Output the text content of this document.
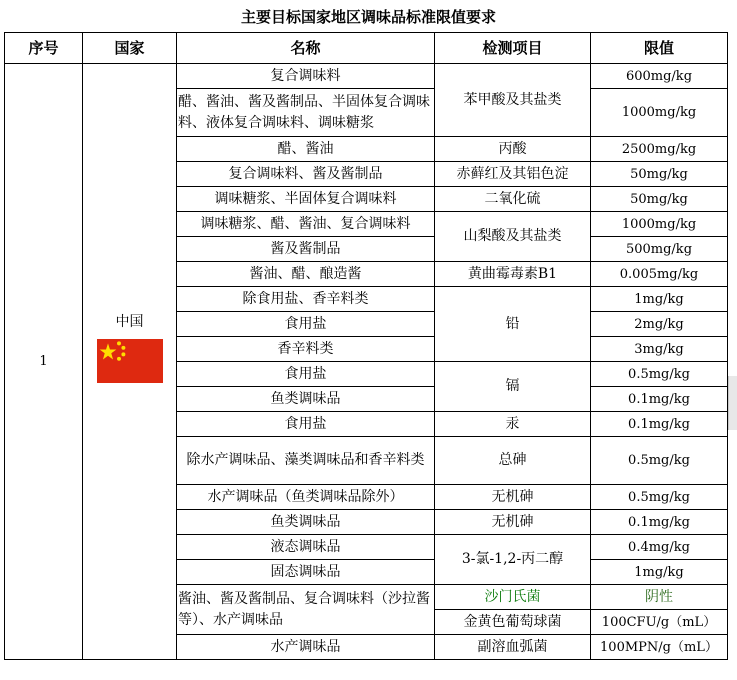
主要目标国家地区调味品标准限值要求
序号	国家	名称	检测项目	限值
1	中国	复合调味料	苯甲酸及其盐类	600mg/kg
		醋、酱油、酱及酱制品、半固体复合调味料、液体复合调味料、调味糖浆		1000mg/kg
		醋、酱油	丙酸	2500mg/kg
		复合调味料、酱及酱制品	赤藓红及其铝色淀	50mg/kg
		调味糖浆、半固体复合调味料	二氧化硫	50mg/kg
		调味糖浆、醋、酱油、复合调味料	山梨酸及其盐类	1000mg/kg
		酱及酱制品		500mg/kg
		酱油、醋、酿造酱	黄曲霉毒素B1	0.005mg/kg
		除食用盐、香辛料类	铅	1mg/kg
		食用盐		2mg/kg
		香辛料类		3mg/kg
		食用盐	镉	0.5mg/kg
		鱼类调味品		0.1mg/kg
		食用盐	汞	0.1mg/kg
		除水产调味品、藻类调味品和香辛料类	总砷	0.5mg/kg
		水产调味品（鱼类调味品除外）	无机砷	0.5mg/kg
		鱼类调味品	无机砷	0.1mg/kg
		液态调味品	3-氯-1,2-丙二醇	0.4mg/kg
		固态调味品		1mg/kg
		酱油、酱及酱制品、复合调味料（沙拉酱等）、水产调味品	沙门氏菌	阴性
			金黄色葡萄球菌	100CFU/g（mL）
		水产调味品	副溶血弧菌	100MPN/g（mL）
